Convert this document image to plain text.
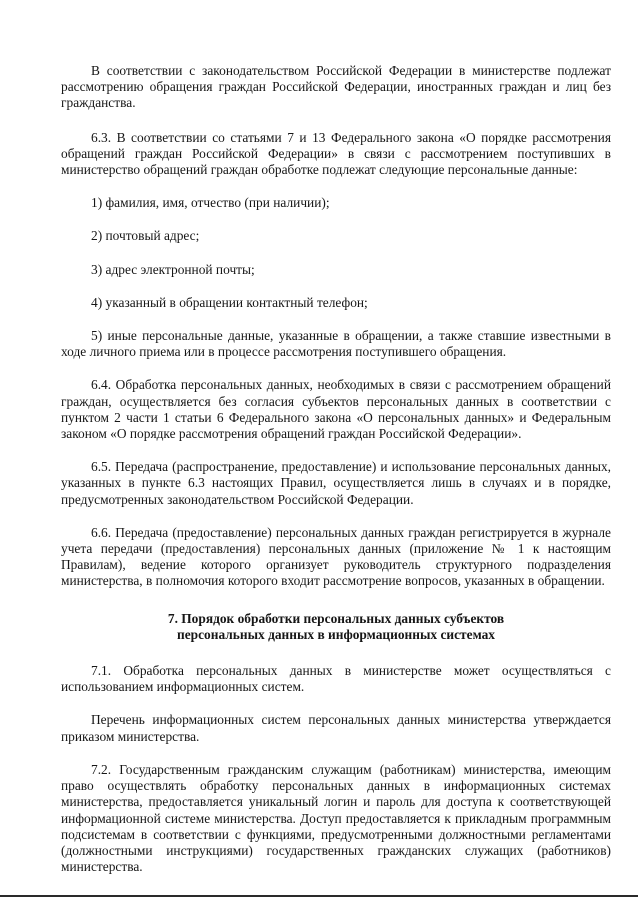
В соответствии с законодательством Российской Федерации в министерстве подлежат рассмотрению обращения граждан Российской Федерации, иностранных граждан и лиц без гражданства.

6.3. В соответствии со статьями 7 и 13 Федерального закона «О порядке рассмотрения обращений граждан Российской Федерации» в связи с рассмотрением поступивших в министерство обращений граждан обработке подлежат следующие персональные данные:

1) фамилия, имя, отчество (при наличии);

2) почтовый адрес;

3) адрес электронной почты;

4) указанный в обращении контактный телефон;

5) иные персональные данные, указанные в обращении, а также ставшие известными в ходе личного приема или в процессе рассмотрения поступившего обращения.

6.4. Обработка персональных данных, необходимых в связи с рассмотрением обращений граждан, осуществляется без согласия субъектов персональных данных в соответствии с пунктом 2 части 1 статьи 6 Федерального закона «О персональных данных» и Федеральным законом «О порядке рассмотрения обращений граждан Российской Федерации».

6.5. Передача (распространение, предоставление) и использование персональных данных, указанных в пункте 6.3 настоящих Правил, осуществляется лишь в случаях и в порядке, предусмотренных законодательством Российской Федерации.

6.6. Передача (предоставление) персональных данных граждан регистрируется в журнале учета передачи (предоставления) персональных данных (приложение № 1 к настоящим Правилам), ведение которого организует руководитель структурного подразделения министерства, в полномочия которого входит рассмотрение вопросов, указанных в обращении.

7. Порядок обработки персональных данных субъектов
персональных данных в информационных системах

7.1. Обработка персональных данных в министерстве может осуществляться с использованием информационных систем.

Перечень информационных систем персональных данных министерства утверждается приказом министерства.

7.2. Государственным гражданским служащим (работникам) министерства, имеющим право осуществлять обработку персональных данных в информационных системах министерства, предоставляется уникальный логин и пароль для доступа к соответствующей информационной системе министерства. Доступ предоставляется к прикладным программным подсистемам в соответствии с функциями, предусмотренными должностными регламентами (должностными инструкциями) государственных гражданских служащих (работников) министерства.
